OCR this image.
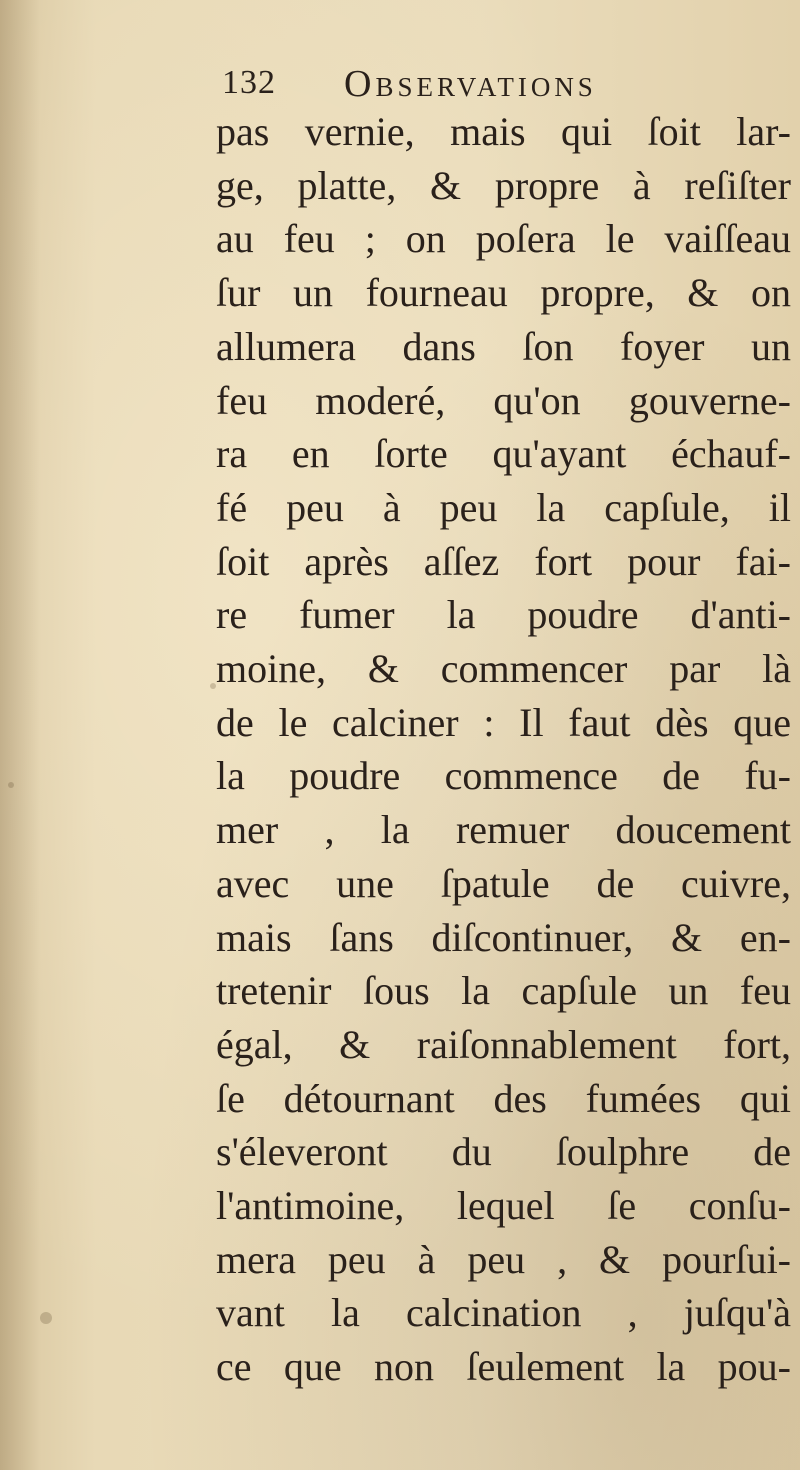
132 Observations
pas vernie, mais qui ſoit lar-
ge, platte, & propre à reſiſter
au feu ; on poſera le vaiſſeau
ſur un fourneau propre, & on
allumera dans ſon foyer un
feu moderé, qu'on gouverne-
ra en ſorte qu'ayant échauf-
fé peu à peu la capſule, il
ſoit après aſſez fort pour fai-
re fumer la poudre d'anti-
moine, & commencer par là
de le calciner : Il faut dès que
la poudre commence de fu-
mer , la remuer doucement
avec une ſpatule de cuivre,
mais ſans diſcontinuer, & en-
tretenir ſous la capſule un feu
égal, & raiſonnablement fort,
ſe détournant des fumées qui
s'éleveront du ſoulphre de
l'antimoine, lequel ſe conſu-
mera peu à peu , & pourſui-
vant la calcination , juſqu'à
ce que non ſeulement la pou-
